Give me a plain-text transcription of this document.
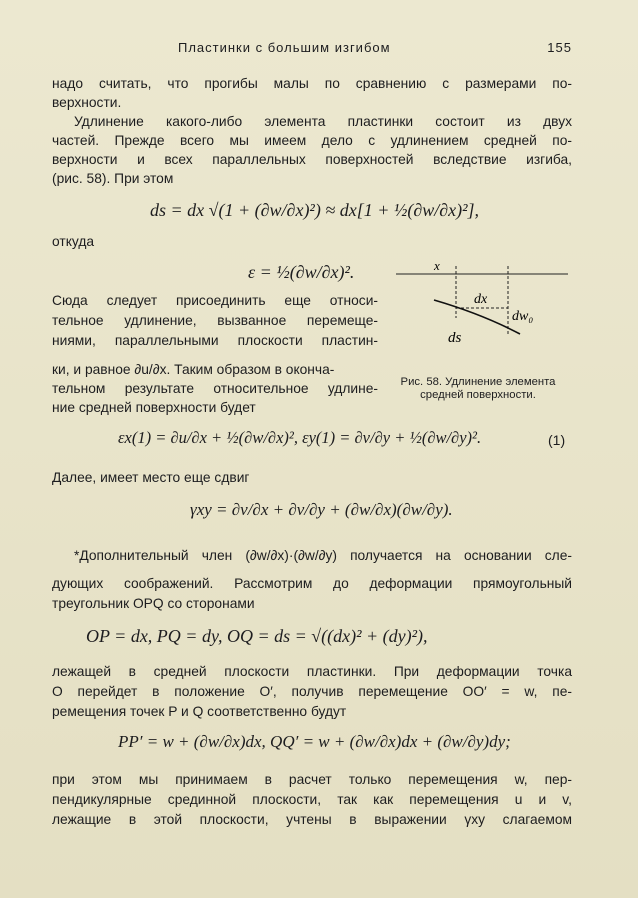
Пластинки с большим изгибом	155
надо считать, что прогибы малы по сравнению с размерами по-
верхности.
Удлинение какого-либо элемента пластинки состоит из двух
частей. Прежде всего мы имеем дело с удлинением средней по-
верхности и всех параллельных поверхностей вследствие изгиба,
(рис. 58). При этом
ds = dx √(1 + (∂w/∂x)²) ≈ dx[1 + ½(∂w/∂x)²],
откуда
ε = ½(∂w/∂x)².	x
dx
dw₀
ds
Сюда следует присоединить еще относи-
тельное удлинение, вызванное перемеще-
ниями, параллельными плоскости пластин-
ки, и равное ∂u/∂x. Таким образом в оконча-
тельном результате относительное удлине-
ние средней поверхности будет
Рис. 58. Удлинение элемента средней поверхности.
εx(1) = ∂u/∂x + ½(∂w/∂x)², εy(1) = ∂v/∂y + ½(∂w/∂y)².	(1)
Далее, имеет место еще сдвиг
γxy = ∂v/∂x + ∂v/∂y + (∂w/∂x)(∂w/∂y).
*Дополнительный член (∂w/∂x)·(∂w/∂y) получается на основании сле-
дующих соображений. Рассмотрим до деформации прямоугольный
треугольник OPQ со сторонами
OP = dx, PQ = dy, OQ = ds = √((dx)² + (dy)²),
лежащей в средней плоскости пластинки. При деформации точка
O перейдет в положение O′, получив перемещение OO′ = w, пе-
ремещения точек P и Q соответственно будут
PP′ = w + (∂w/∂x)dx, QQ′ = w + (∂w/∂x)dx + (∂w/∂y)dy;
при этом мы принимаем в расчет только перемещения w, пер-
пендикулярные срединной плоскости, так как перемещения u и v,
лежащие в этой плоскости, учтены в выражении γxy слагаемом
